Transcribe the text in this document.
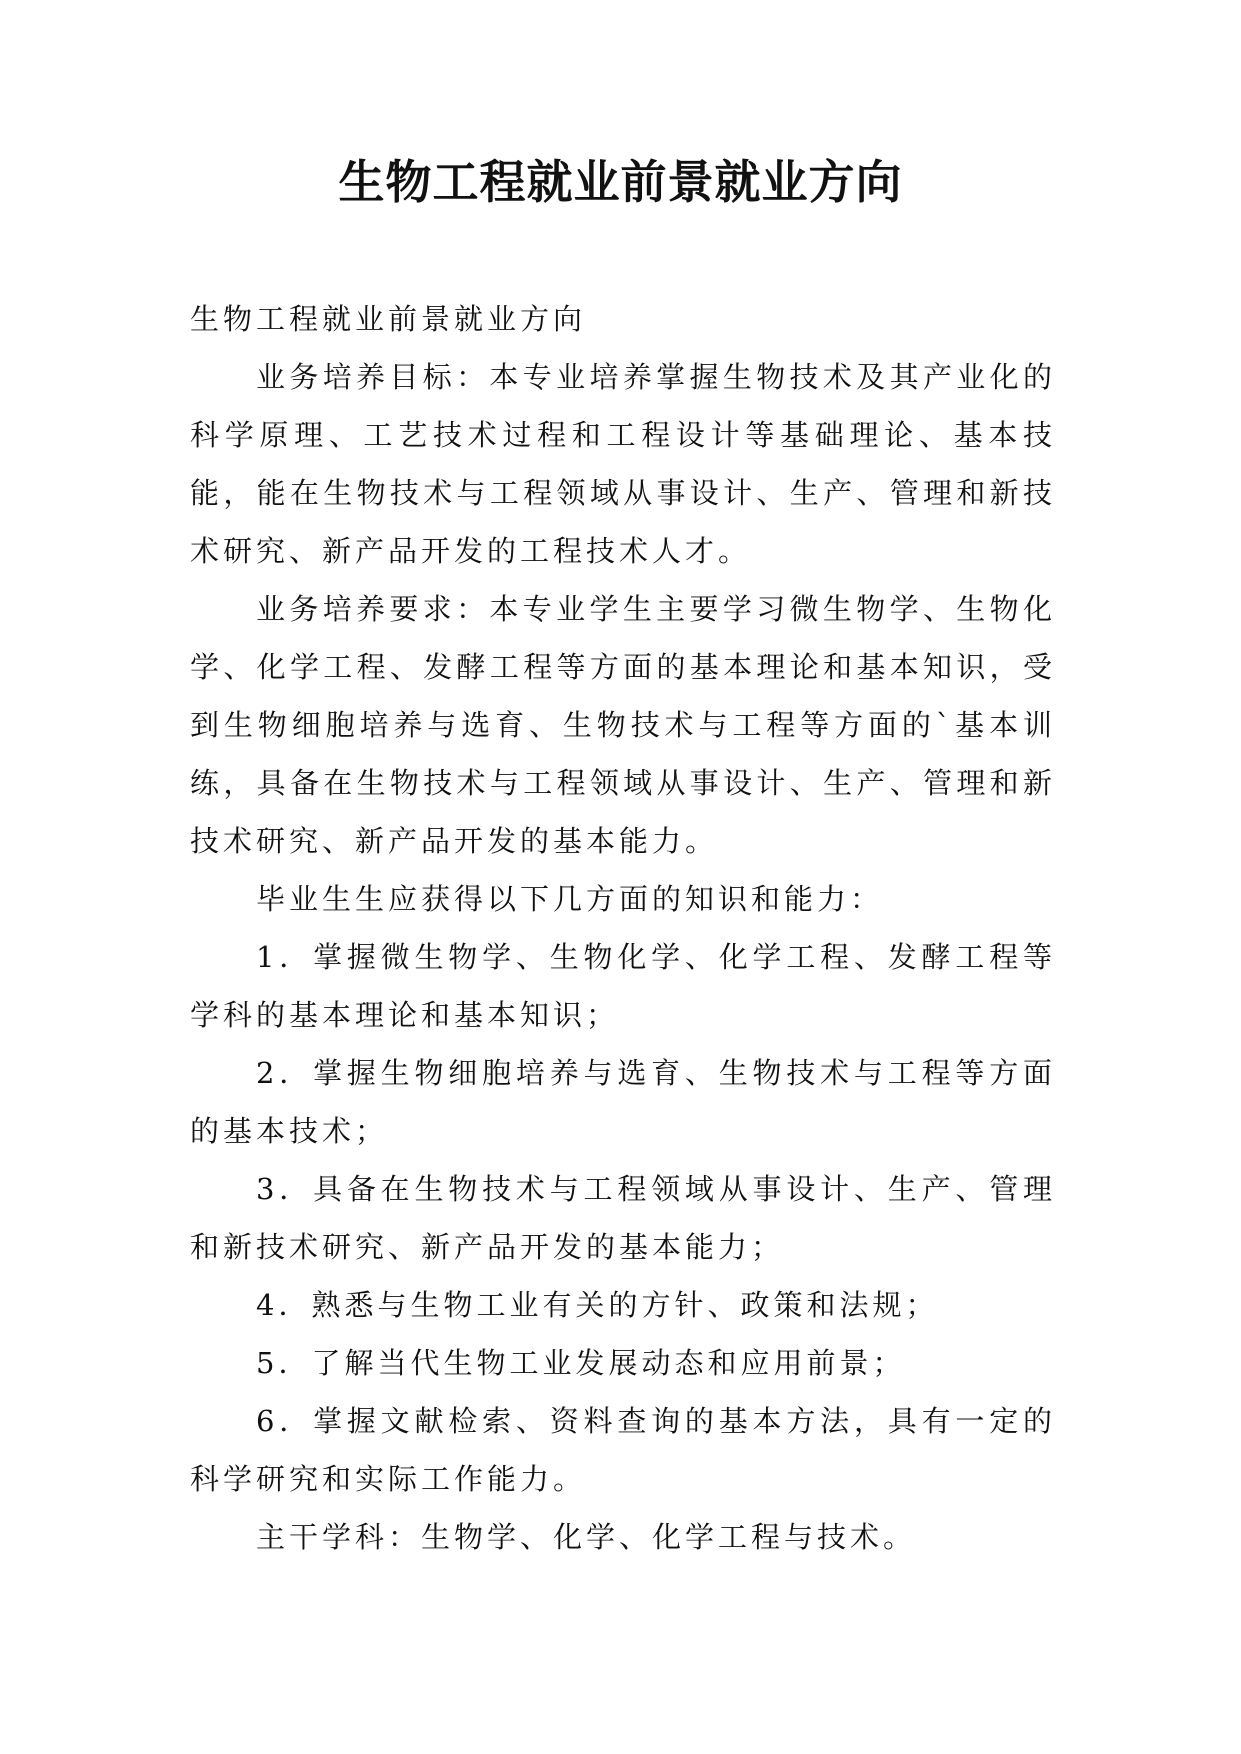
生物工程就业前景就业方向

生物工程就业前景就业方向

业务培养目标：本专业培养掌握生物技术及其产业化的科学原理、工艺技术过程和工程设计等基础理论、基本技能，能在生物技术与工程领域从事设计、生产、管理和新技术研究、新产品开发的工程技术人才。

业务培养要求：本专业学生主要学习微生物学、生物化学、化学工程、发酵工程等方面的基本理论和基本知识，受到生物细胞培养与选育、生物技术与工程等方面的`基本训练，具备在生物技术与工程领域从事设计、生产、管理和新技术研究、新产品开发的基本能力。

毕业生生应获得以下几方面的知识和能力：

1．掌握微生物学、生物化学、化学工程、发酵工程等学科的基本理论和基本知识；

2．掌握生物细胞培养与选育、生物技术与工程等方面的基本技术；

3．具备在生物技术与工程领域从事设计、生产、管理和新技术研究、新产品开发的基本能力；

4．熟悉与生物工业有关的方针、政策和法规；

5．了解当代生物工业发展动态和应用前景；

6．掌握文献检索、资料查询的基本方法，具有一定的科学研究和实际工作能力。

主干学科：生物学、化学、化学工程与技术。
